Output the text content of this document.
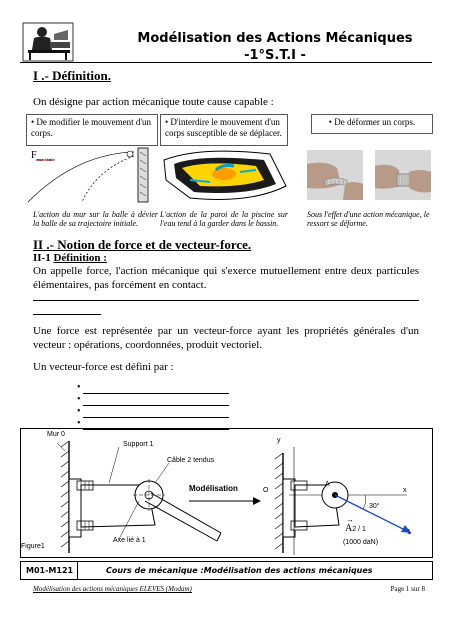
Modélisation des Actions Mécaniques
-1°S.T.I -
I .- Définition.
On désigne par action mécanique toute cause capable :
• De modifier le mouvement d'un corps.
• D'interdire le mouvement d'un corps susceptible de se déplacer.
• De déformer un corps.
$F_{mur / balle}$
L'action du mur sur la balle à dévier la balle de sa trajectoire initiale.
L'action de la paroi de la piscine sur l'eau tend à la garder dans le bassin.
Sous l'effet d'une action mécanique, le ressort se déforme.
II .- Notion de force et de vecteur-force.
II-1 Définition :
On appelle force, l'action mécanique qui s'exerce mutuellement entre deux particules élémentaires, pas forcément en contact.
Une force est représentée par un vecteur-force ayant les propriétés générales d'un vecteur : opérations, coordonnées, produit vectoriel.
Un vecteur-force est défini par :
•
•
•
•
Mur 0
Support 1
Câble 2 tendus
Axe lié à 1
Figure1
Modélisation	O
y
A
x
30°
→
A2 / 1
(1000 daN)
1
M01-M121	Cours de mécanique :Modélisation des actions mécaniques
Modélisation des actions mécaniques ELEVES (Modam)	Page 1 sur 8
